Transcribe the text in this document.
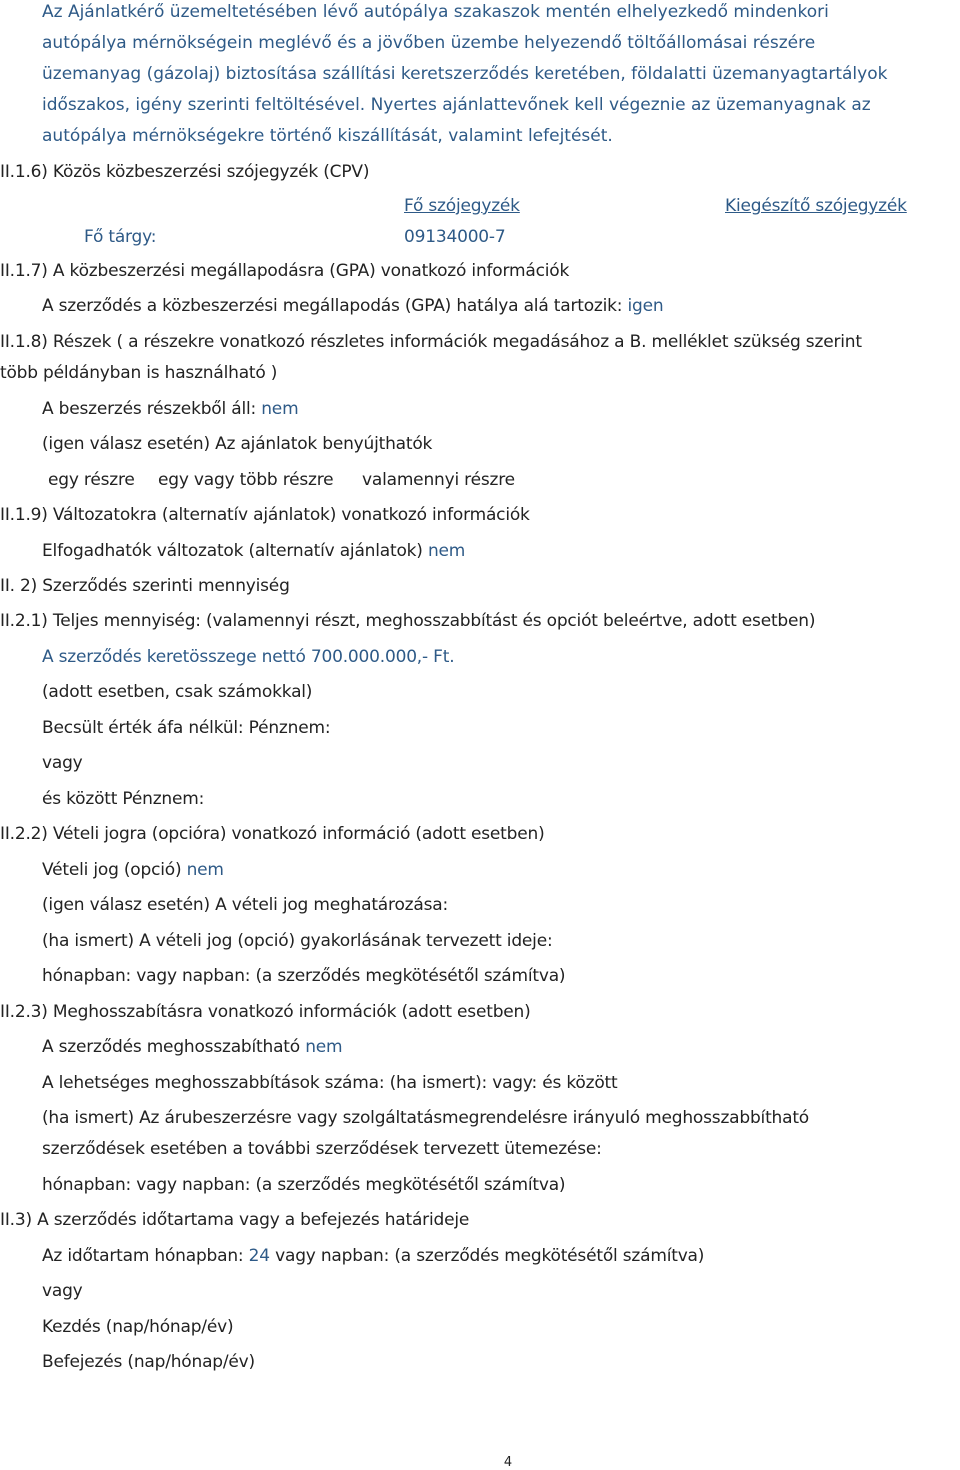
Az Ajánlatkérő üzemeltetésében lévő autópálya szakaszok mentén elhelyezkedő mindenkori
autópálya mérnökségein meglévő és a jövőben üzembe helyezendő töltőállomásai részére
üzemanyag (gázolaj) biztosítása szállítási keretszerződés keretében, földalatti üzemanyagtartályok
időszakos, igény szerinti feltöltésével. Nyertes ajánlattevőnek kell végeznie az üzemanyagnak az
autópálya mérnökségekre történő kiszállítását, valamint lefejtését.
II.1.6) Közös közbeszerzési szójegyzék (CPV)
Fő szójegyzék	Kiegészítő szójegyzék
Fő tárgy:	09134000-7
II.1.7) A közbeszerzési megállapodásra (GPA) vonatkozó információk
A szerződés a közbeszerzési megállapodás (GPA) hatálya alá tartozik: igen
II.1.8) Részek ( a részekre vonatkozó részletes információk megadásához a B. melléklet szükség szerint
több példányban is használható )
A beszerzés részekből áll: nem
(igen válasz esetén) Az ajánlatok benyújthatók
egy részre egy vagy több részre valamennyi részre
II.1.9) Változatokra (alternatív ajánlatok) vonatkozó információk
Elfogadhatók változatok (alternatív ajánlatok) nem
II. 2) Szerződés szerinti mennyiség
II.2.1) Teljes mennyiség: (valamennyi részt, meghosszabbítást és opciót beleértve, adott esetben)
A szerződés keretösszege nettó 700.000.000,- Ft.
(adott esetben, csak számokkal)
Becsült érték áfa nélkül: Pénznem:
vagy
és között Pénznem:
II.2.2) Vételi jogra (opcióra) vonatkozó információ (adott esetben)
Vételi jog (opció) nem
(igen válasz esetén) A vételi jog meghatározása:
(ha ismert) A vételi jog (opció) gyakorlásának tervezett ideje:
hónapban: vagy napban: (a szerződés megkötésétől számítva)
II.2.3) Meghosszabításra vonatkozó információk (adott esetben)
A szerződés meghosszabítható nem
A lehetséges meghosszabbítások száma: (ha ismert): vagy: és között
(ha ismert) Az árubeszerzésre vagy szolgáltatásmegrendelésre irányuló meghosszabbítható
szerződések esetében a további szerződések tervezett ütemezése:
hónapban: vagy napban: (a szerződés megkötésétől számítva)
II.3) A szerződés időtartama vagy a befejezés határideje
Az időtartam hónapban: 24 vagy napban: (a szerződés megkötésétől számítva)
vagy
Kezdés (nap/hónap/év)
Befejezés (nap/hónap/év)
4
